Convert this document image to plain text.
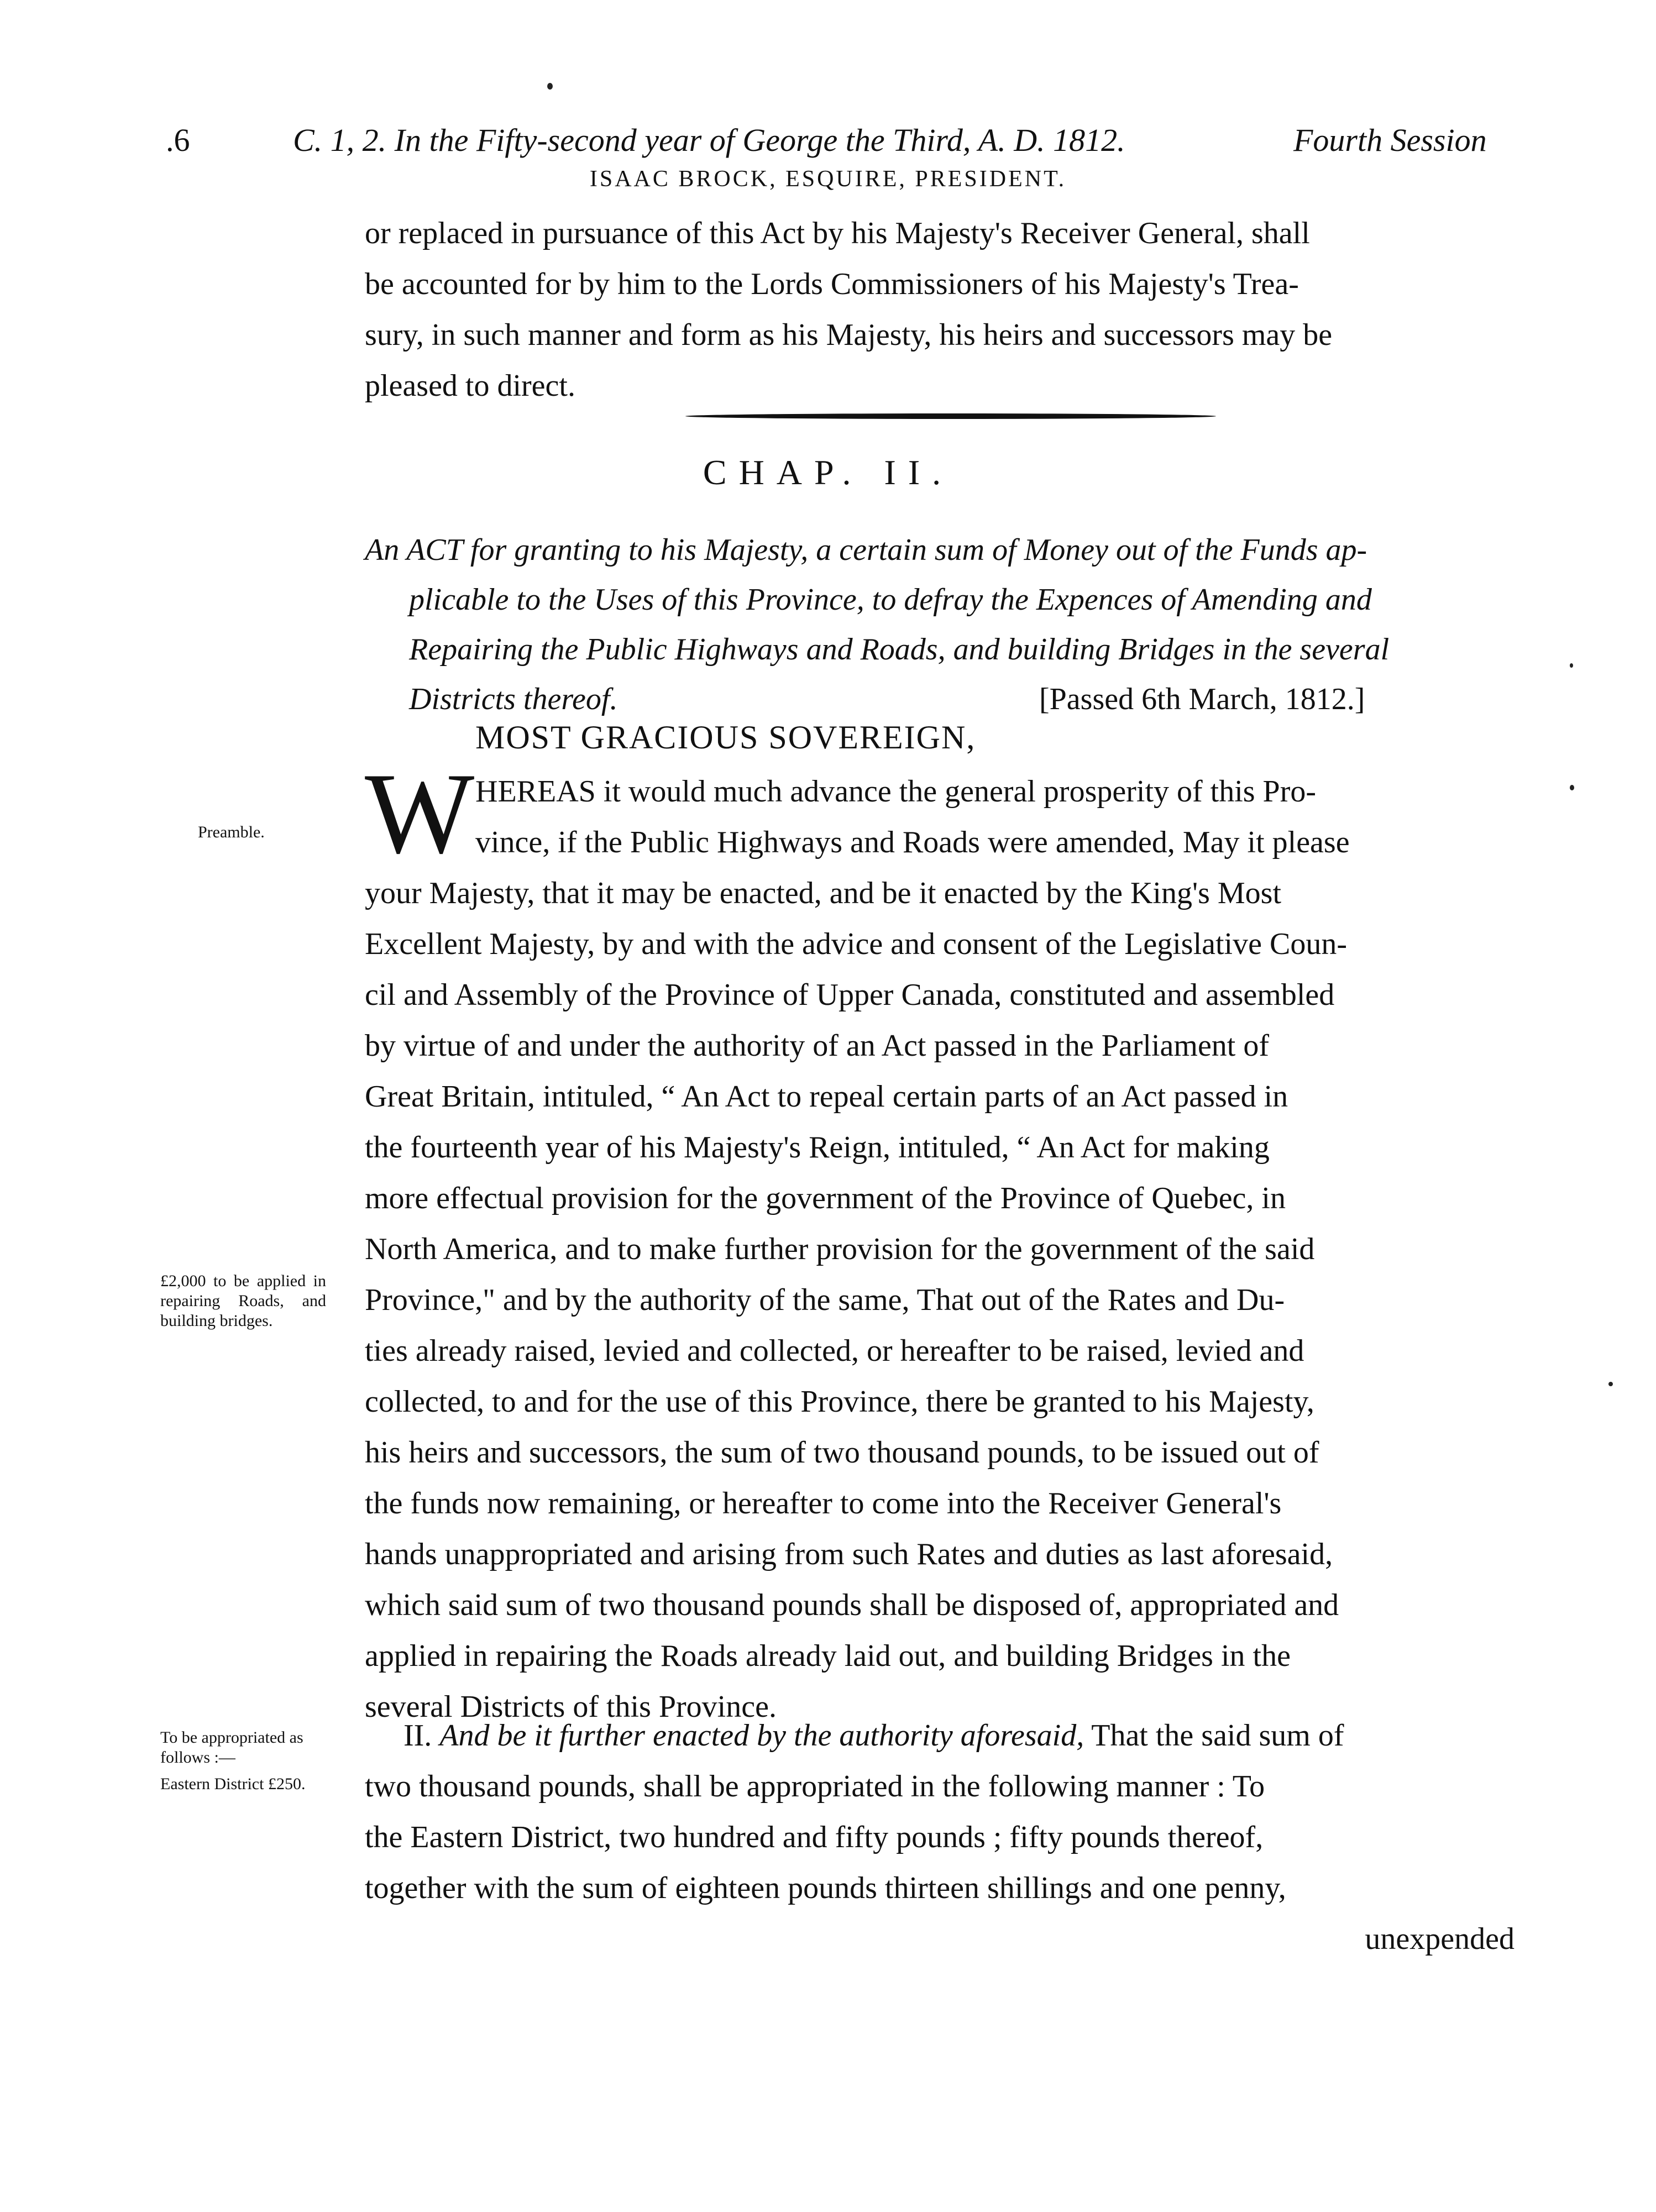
.6	C. 1, 2. In the Fifty-second year of George the Third, A. D. 1812.	Fourth Session
ISAAC BROCK, ESQUIRE, PRESIDENT.

or replaced in pursuance of this Act by his Majesty's Receiver General, shall

be accounted for by him to the Lords Commissioners of his Majesty's Trea-

sury, in such manner and form as his Majesty, his heirs and successors may be

pleased to direct.

CHAP. II.
An ACT for granting to his Majesty, a certain sum of Money out of the Funds ap-
plicable to the Uses of this Province, to defray the Expences of Amending and
Repairing the Public Highways and Roads, and building Bridges in the several
Districts thereof.	[Passed 6th March, 1812.]
MOST GRACIOUS SOVEREIGN,
Preamble.
£2,000 to be applied in repairing Roads, and building bridges.
To be appropriated as follows :—
Eastern District £250.
W HEREAS it would much advance the general prosperity of this Pro-

vince, if the Public Highways and Roads were amended, May it please

your Majesty, that it may be enacted, and be it enacted by the King's Most

Excellent Majesty, by and with the advice and consent of the Legislative Coun-

cil and Assembly of the Province of Upper Canada, constituted and assembled

by virtue of and under the authority of an Act passed in the Parliament of

Great Britain, intituled, “ An Act to repeal certain parts of an Act passed in

the fourteenth year of his Majesty's Reign, intituled, “ An Act for making

more effectual provision for the government of the Province of Quebec, in

North America, and to make further provision for the government of the said

Province," and by the authority of the same, That out of the Rates and Du-

ties already raised, levied and collected, or hereafter to be raised, levied and

collected, to and for the use of this Province, there be granted to his Majesty,

his heirs and successors, the sum of two thousand pounds, to be issued out of

the funds now remaining, or hereafter to come into the Receiver General's

hands unappropriated and arising from such Rates and duties as last aforesaid,

which said sum of two thousand pounds shall be disposed of, appropriated and

applied in repairing the Roads already laid out, and building Bridges in the

several Districts of this Province.

II. And be it further enacted by the authority aforesaid, That the said sum of

two thousand pounds, shall be appropriated in the following manner : To

the Eastern District, two hundred and fifty pounds ; fifty pounds thereof,

together with the sum of eighteen pounds thirteen shillings and one penny,

unexpended
